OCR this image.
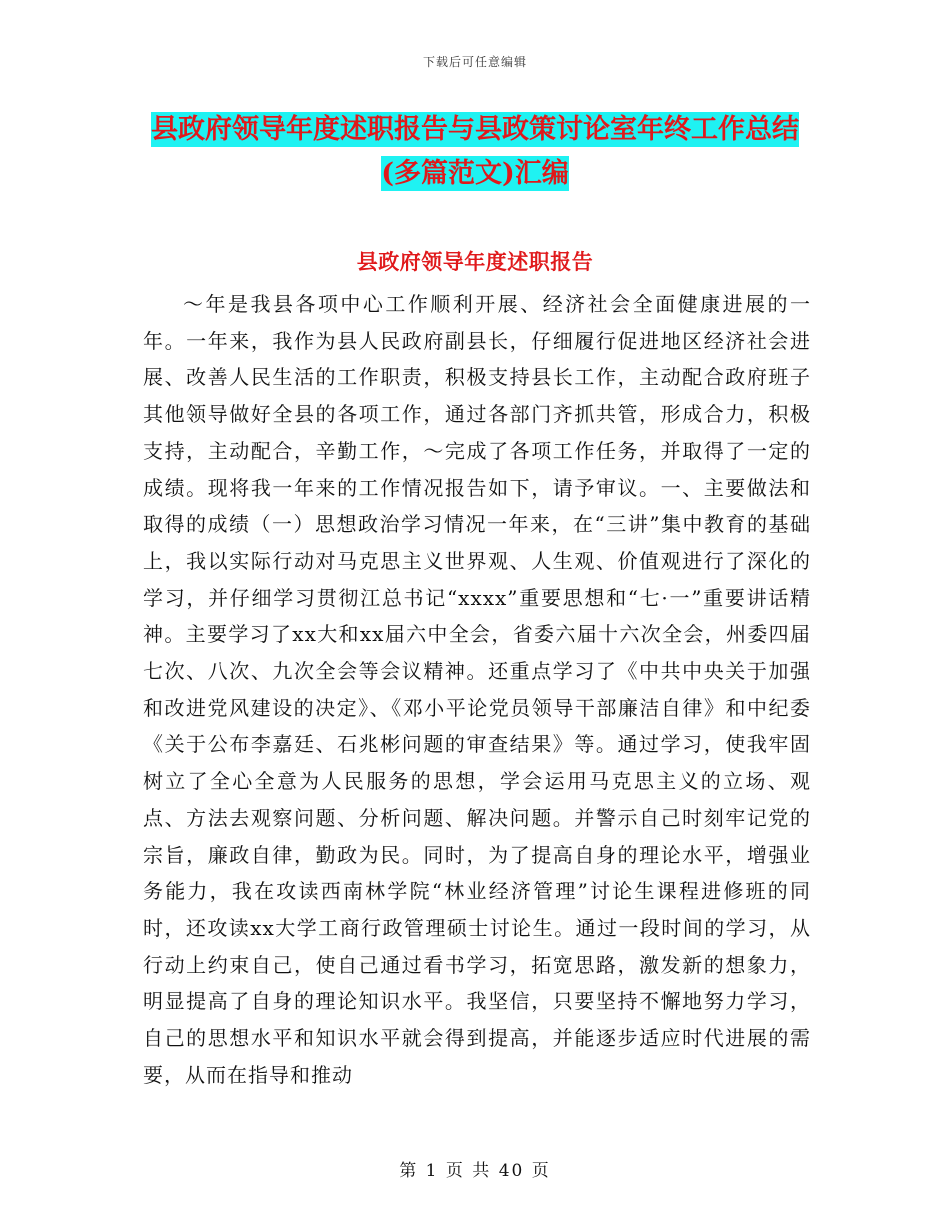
下载后可任意编辑
县政府领导年度述职报告与县政策讨论室年终工作总结(多篇范文)汇编
县政府领导年度述职报告

～年是我县各项中心工作顺利开展、经济社会全面健康进展的一年。一年来，我作为县人民政府副县长，仔细履行促进地区经济社会进展、改善人民生活的工作职责，积极支持县长工作，主动配合政府班子其他领导做好全县的各项工作，通过各部门齐抓共管，形成合力，积极支持，主动配合，辛勤工作，～完成了各项工作任务，并取得了一定的成绩。现将我一年来的工作情况报告如下，请予审议。一、主要做法和取得的成绩（一）思想政治学习情况一年来，在“三讲”集中教育的基础上，我以实际行动对马克思主义世界观、人生观、价值观进行了深化的学习，并仔细学习贯彻江总书记“xxxx”重要思想和“七·一”重要讲话精神。主要学习了xx大和xx届六中全会，省委六届十六次全会，州委四届七次、八次、九次全会等会议精神。还重点学习了《中共中央关于加强和改进党风建设的决定》、《邓小平论党员领导干部廉洁自律》和中纪委《关于公布李嘉廷、石兆彬问题的审查结果》等。通过学习，使我牢固树立了全心全意为人民服务的思想，学会运用马克思主义的立场、观点、方法去观察问题、分析问题、解决问题。并警示自己时刻牢记党的宗旨，廉政自律，勤政为民。同时，为了提高自身的理论水平，增强业务能力，我在攻读西南林学院“林业经济管理”讨论生课程进修班的同时，还攻读xx大学工商行政管理硕士讨论生。通过一段时间的学习，从行动上约束自己，使自己通过看书学习，拓宽思路，激发新的想象力，明显提高了自身的理论知识水平。我坚信，只要坚持不懈地努力学习，自己的思想水平和知识水平就会得到提高，并能逐步适应时代进展的需要，从而在指导和推动

第 1 页 共 40 页
